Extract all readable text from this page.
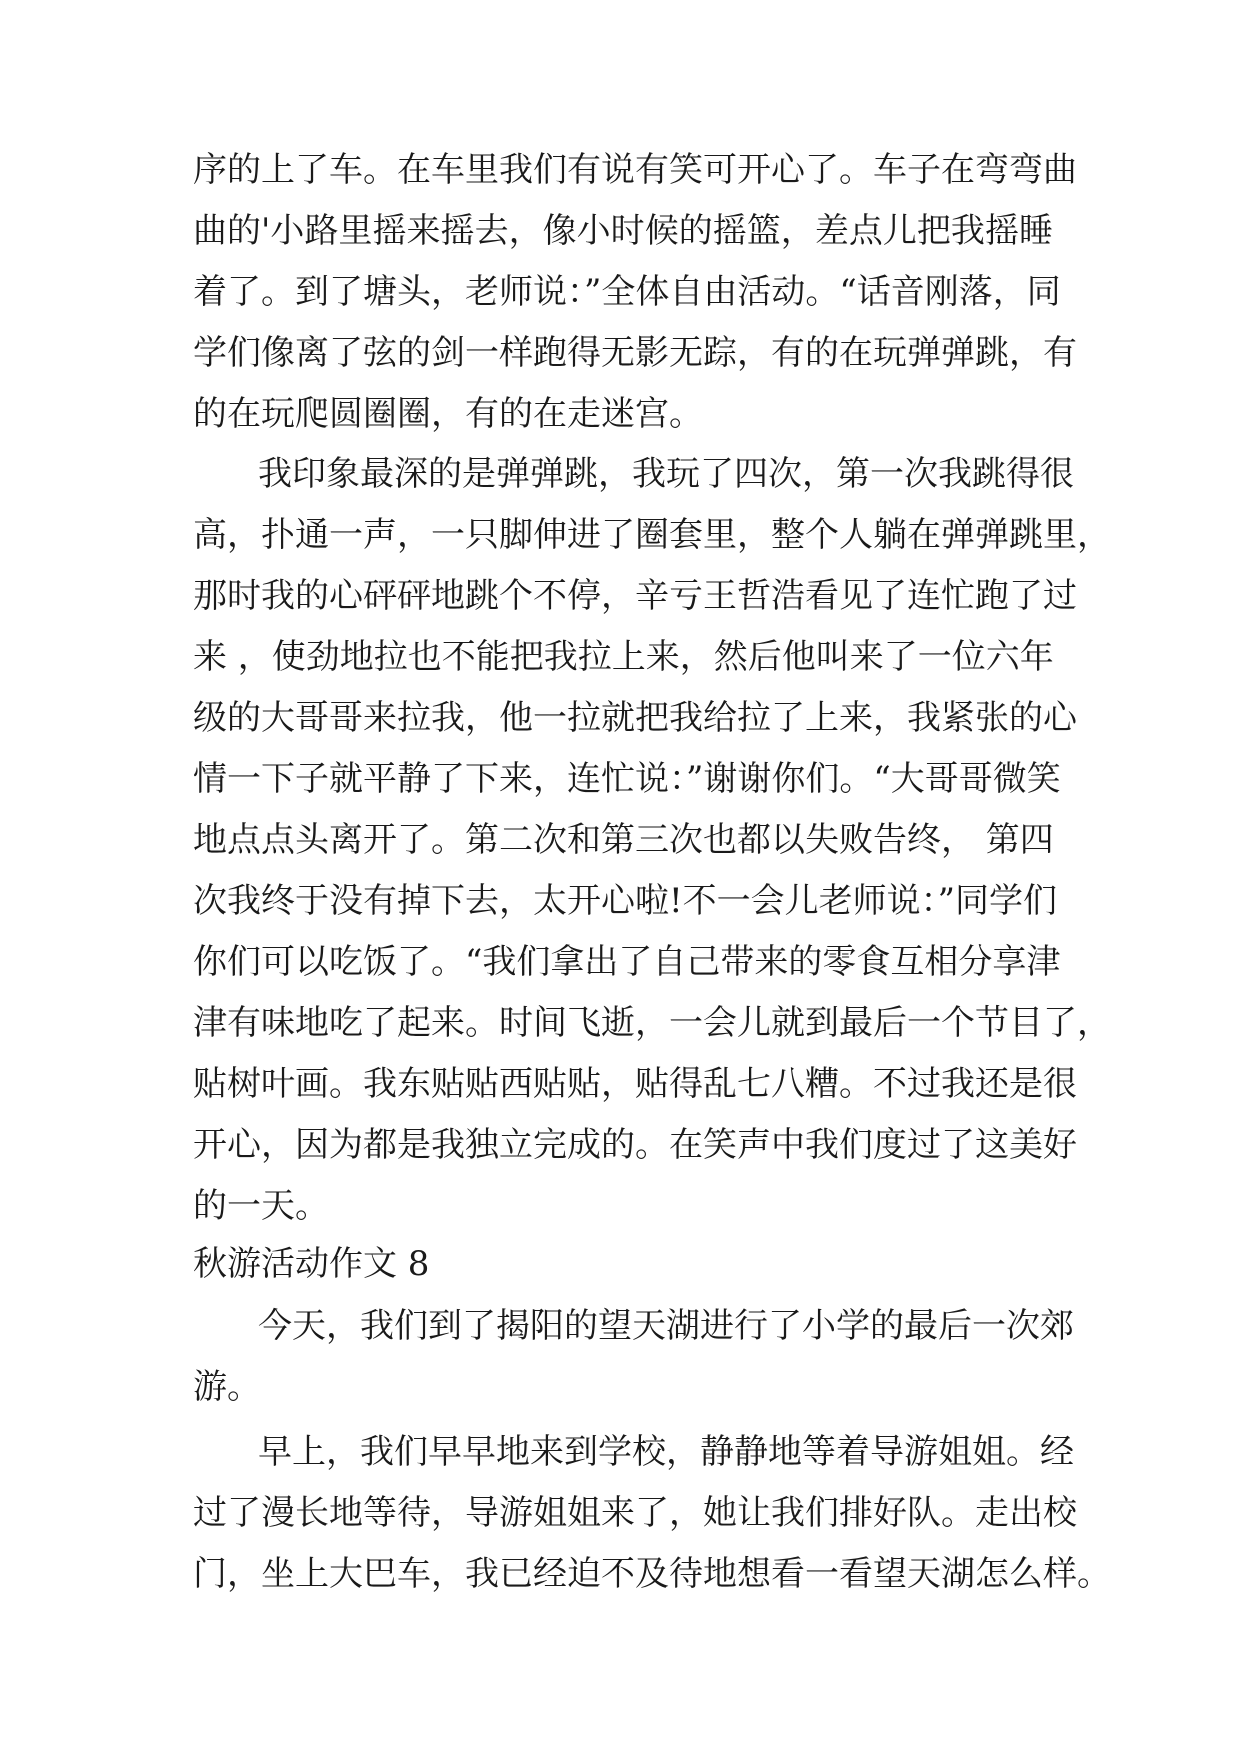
序的上了车。在车里我们有说有笑可开心了。车子在弯弯曲
曲的'小路里摇来摇去，像小时候的摇篮，差点儿把我摇睡
着了。到了塘头，老师说：”全体自由活动。“话音刚落，同
学们像离了弦的剑一样跑得无影无踪，有的在玩弹弹跳，有
的在玩爬圆圈圈，有的在走迷宫。
我印象最深的是弹弹跳，我玩了四次，第一次我跳得很
高，扑通一声，一只脚伸进了圈套里，整个人躺在弹弹跳里，
那时我的心砰砰地跳个不停，辛亏王哲浩看见了连忙跑了过
来 ，使劲地拉也不能把我拉上来，然后他叫来了一位六年
级的大哥哥来拉我，他一拉就把我给拉了上来，我紧张的心
情一下子就平静了下来，连忙说：”谢谢你们。“大哥哥微笑
地点点头离开了。第二次和第三次也都以失败告终， 第四
次我终于没有掉下去，太开心啦!不一会儿老师说：”同学们
你们可以吃饭了。“我们拿出了自己带来的零食互相分享津
津有味地吃了起来。时间飞逝，一会儿就到最后一个节目了，
贴树叶画。我东贴贴西贴贴，贴得乱七八糟。不过我还是很
开心，因为都是我独立完成的。在笑声中我们度过了这美好
的一天。
秋游活动作文 8
今天，我们到了揭阳的望天湖进行了小学的最后一次郊
游。
早上，我们早早地来到学校，静静地等着导游姐姐。经
过了漫长地等待，导游姐姐来了，她让我们排好队。走出校
门，坐上大巴车，我已经迫不及待地想看一看望天湖怎么样。
